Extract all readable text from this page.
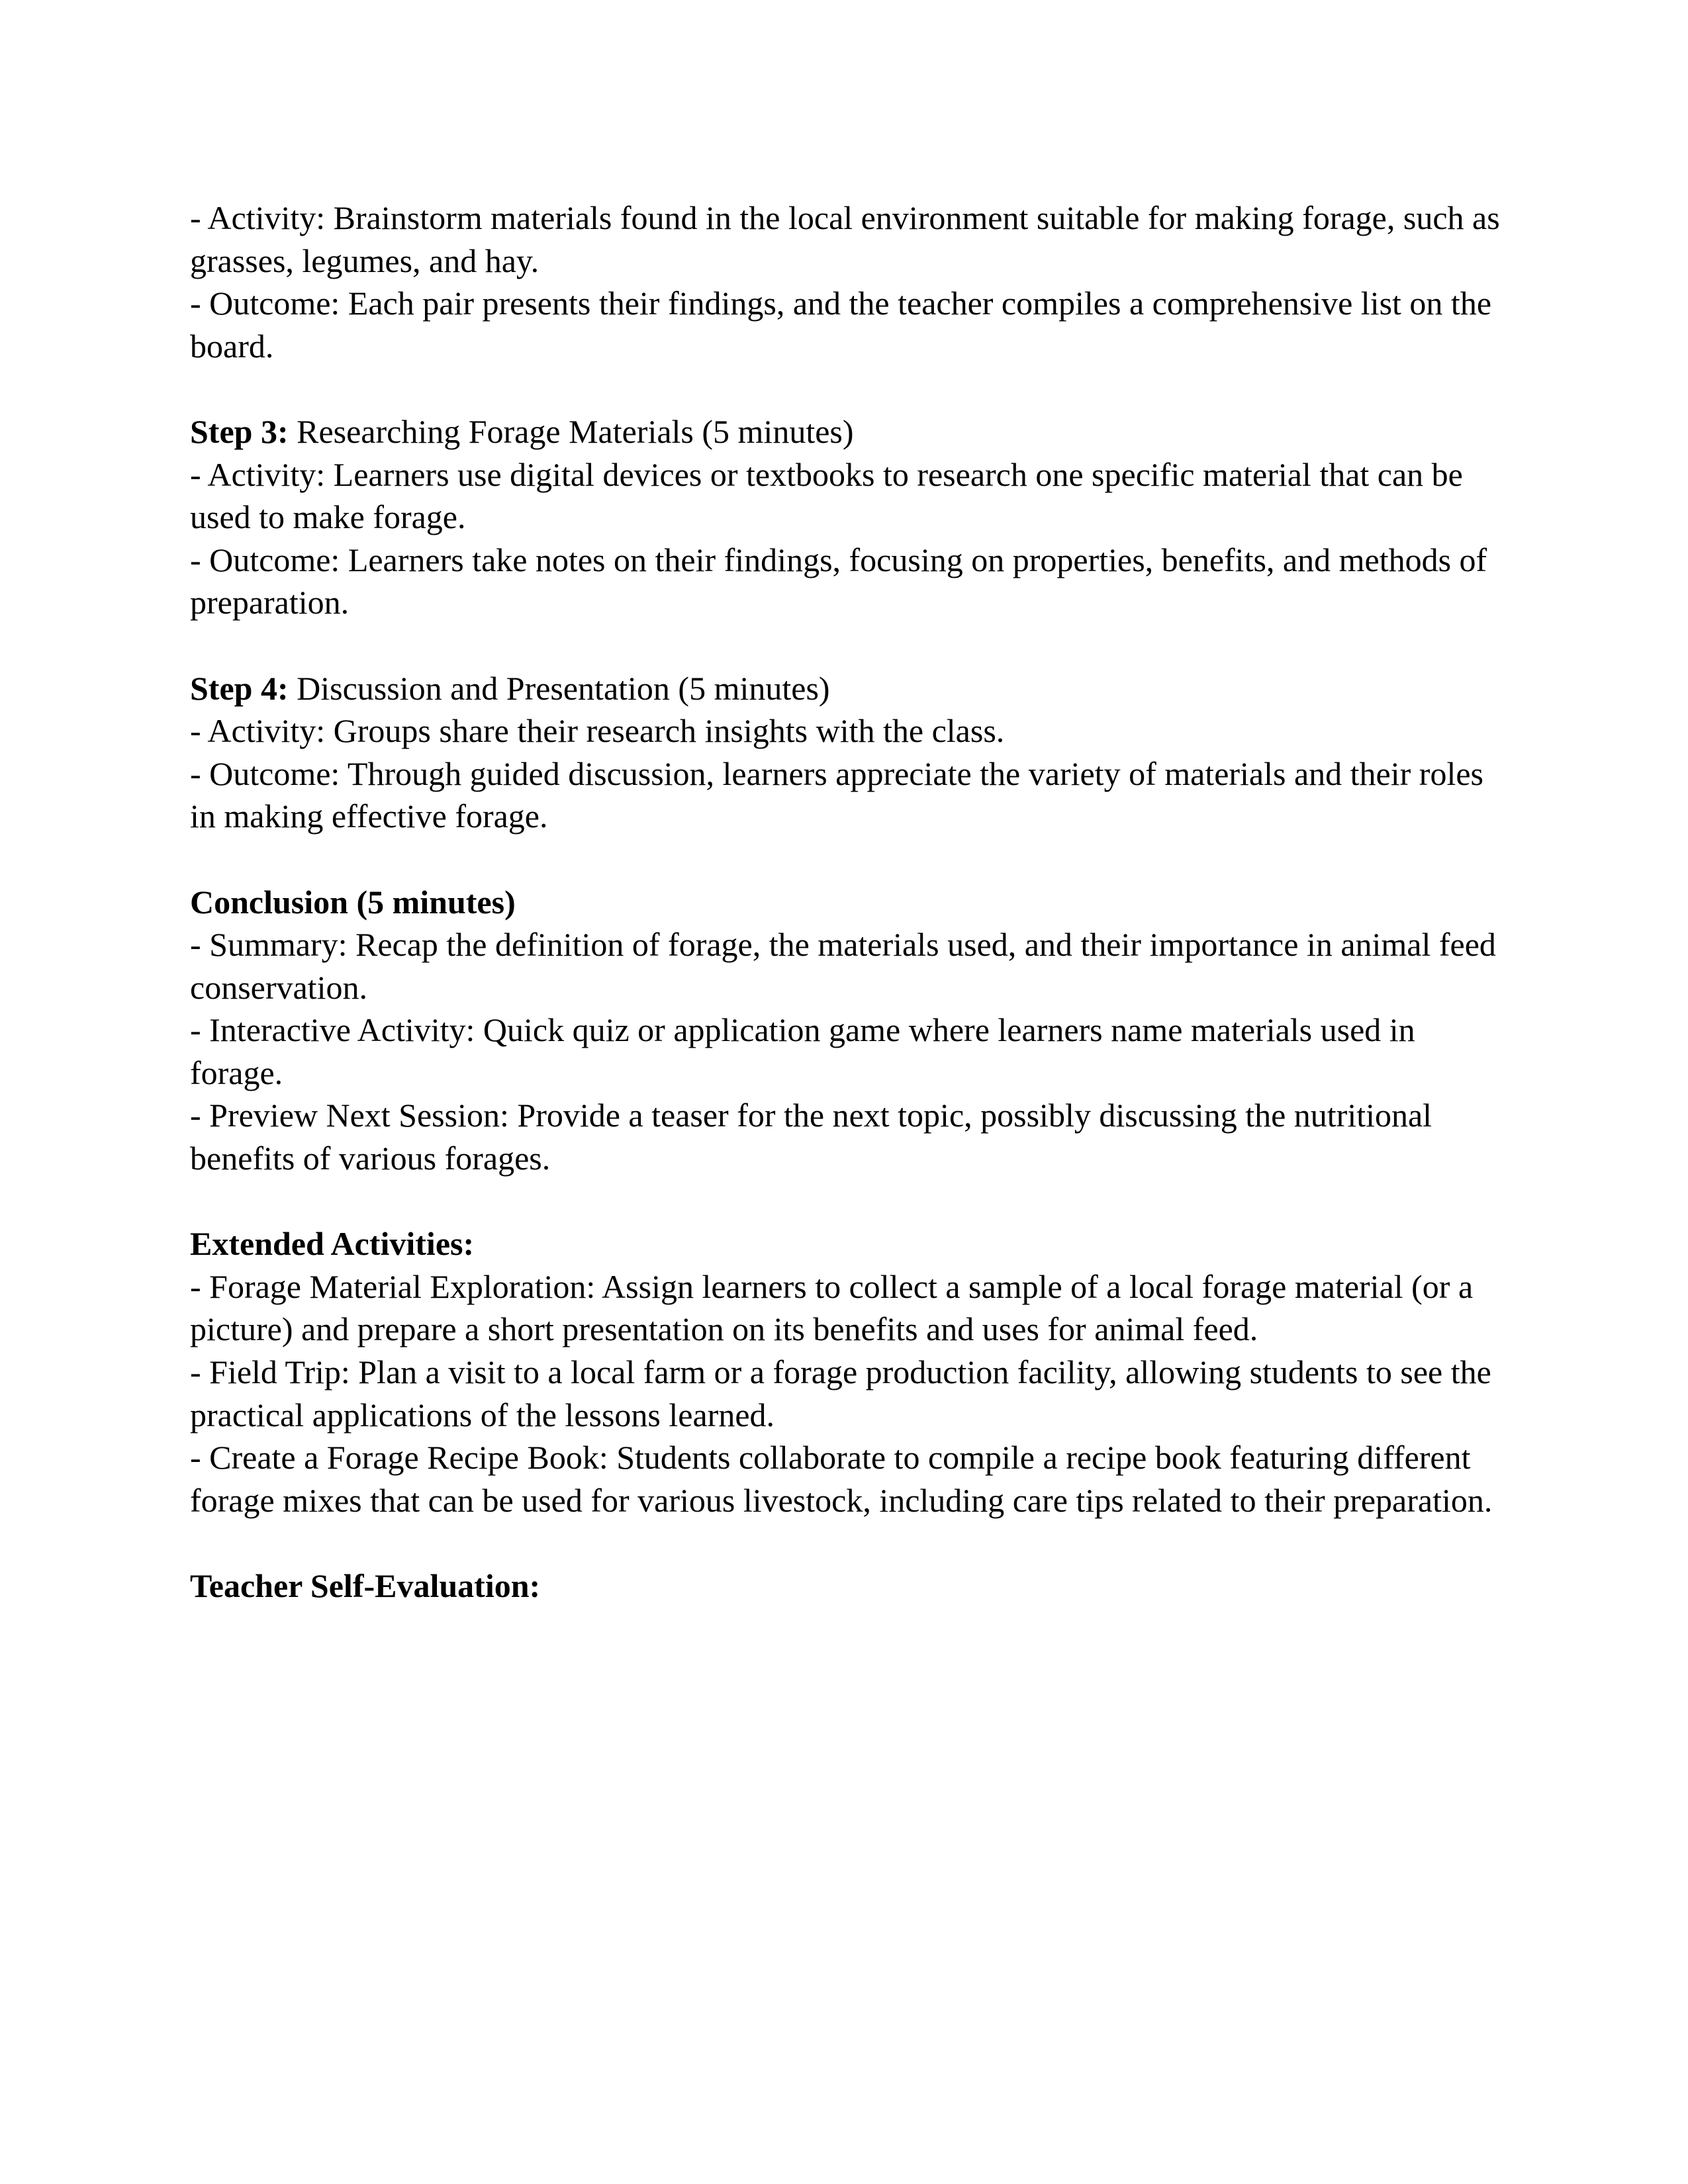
- Activity: Brainstorm materials found in the local environment suitable for making forage, such as grasses, legumes, and hay.

- Outcome: Each pair presents their findings, and the teacher compiles a comprehensive list on the board.

Step 3: Researching Forage Materials (5 minutes)

- Activity: Learners use digital devices or textbooks to research one specific material that can be used to make forage.

- Outcome: Learners take notes on their findings, focusing on properties, benefits, and methods of preparation.

Step 4: Discussion and Presentation (5 minutes)

- Activity: Groups share their research insights with the class.

- Outcome: Through guided discussion, learners appreciate the variety of materials and their roles in making effective forage.

Conclusion (5 minutes)

- Summary: Recap the definition of forage, the materials used, and their importance in animal feed conservation.

- Interactive Activity: Quick quiz or application game where learners name materials used in forage.

- Preview Next Session: Provide a teaser for the next topic, possibly discussing the nutritional benefits of various forages.

Extended Activities:

- Forage Material Exploration: Assign learners to collect a sample of a local forage material (or a picture) and prepare a short presentation on its benefits and uses for animal feed.

- Field Trip: Plan a visit to a local farm or a forage production facility, allowing students to see the practical applications of the lessons learned.

- Create a Forage Recipe Book: Students collaborate to compile a recipe book featuring different forage mixes that can be used for various livestock, including care tips related to their preparation.

Teacher Self-Evaluation:
